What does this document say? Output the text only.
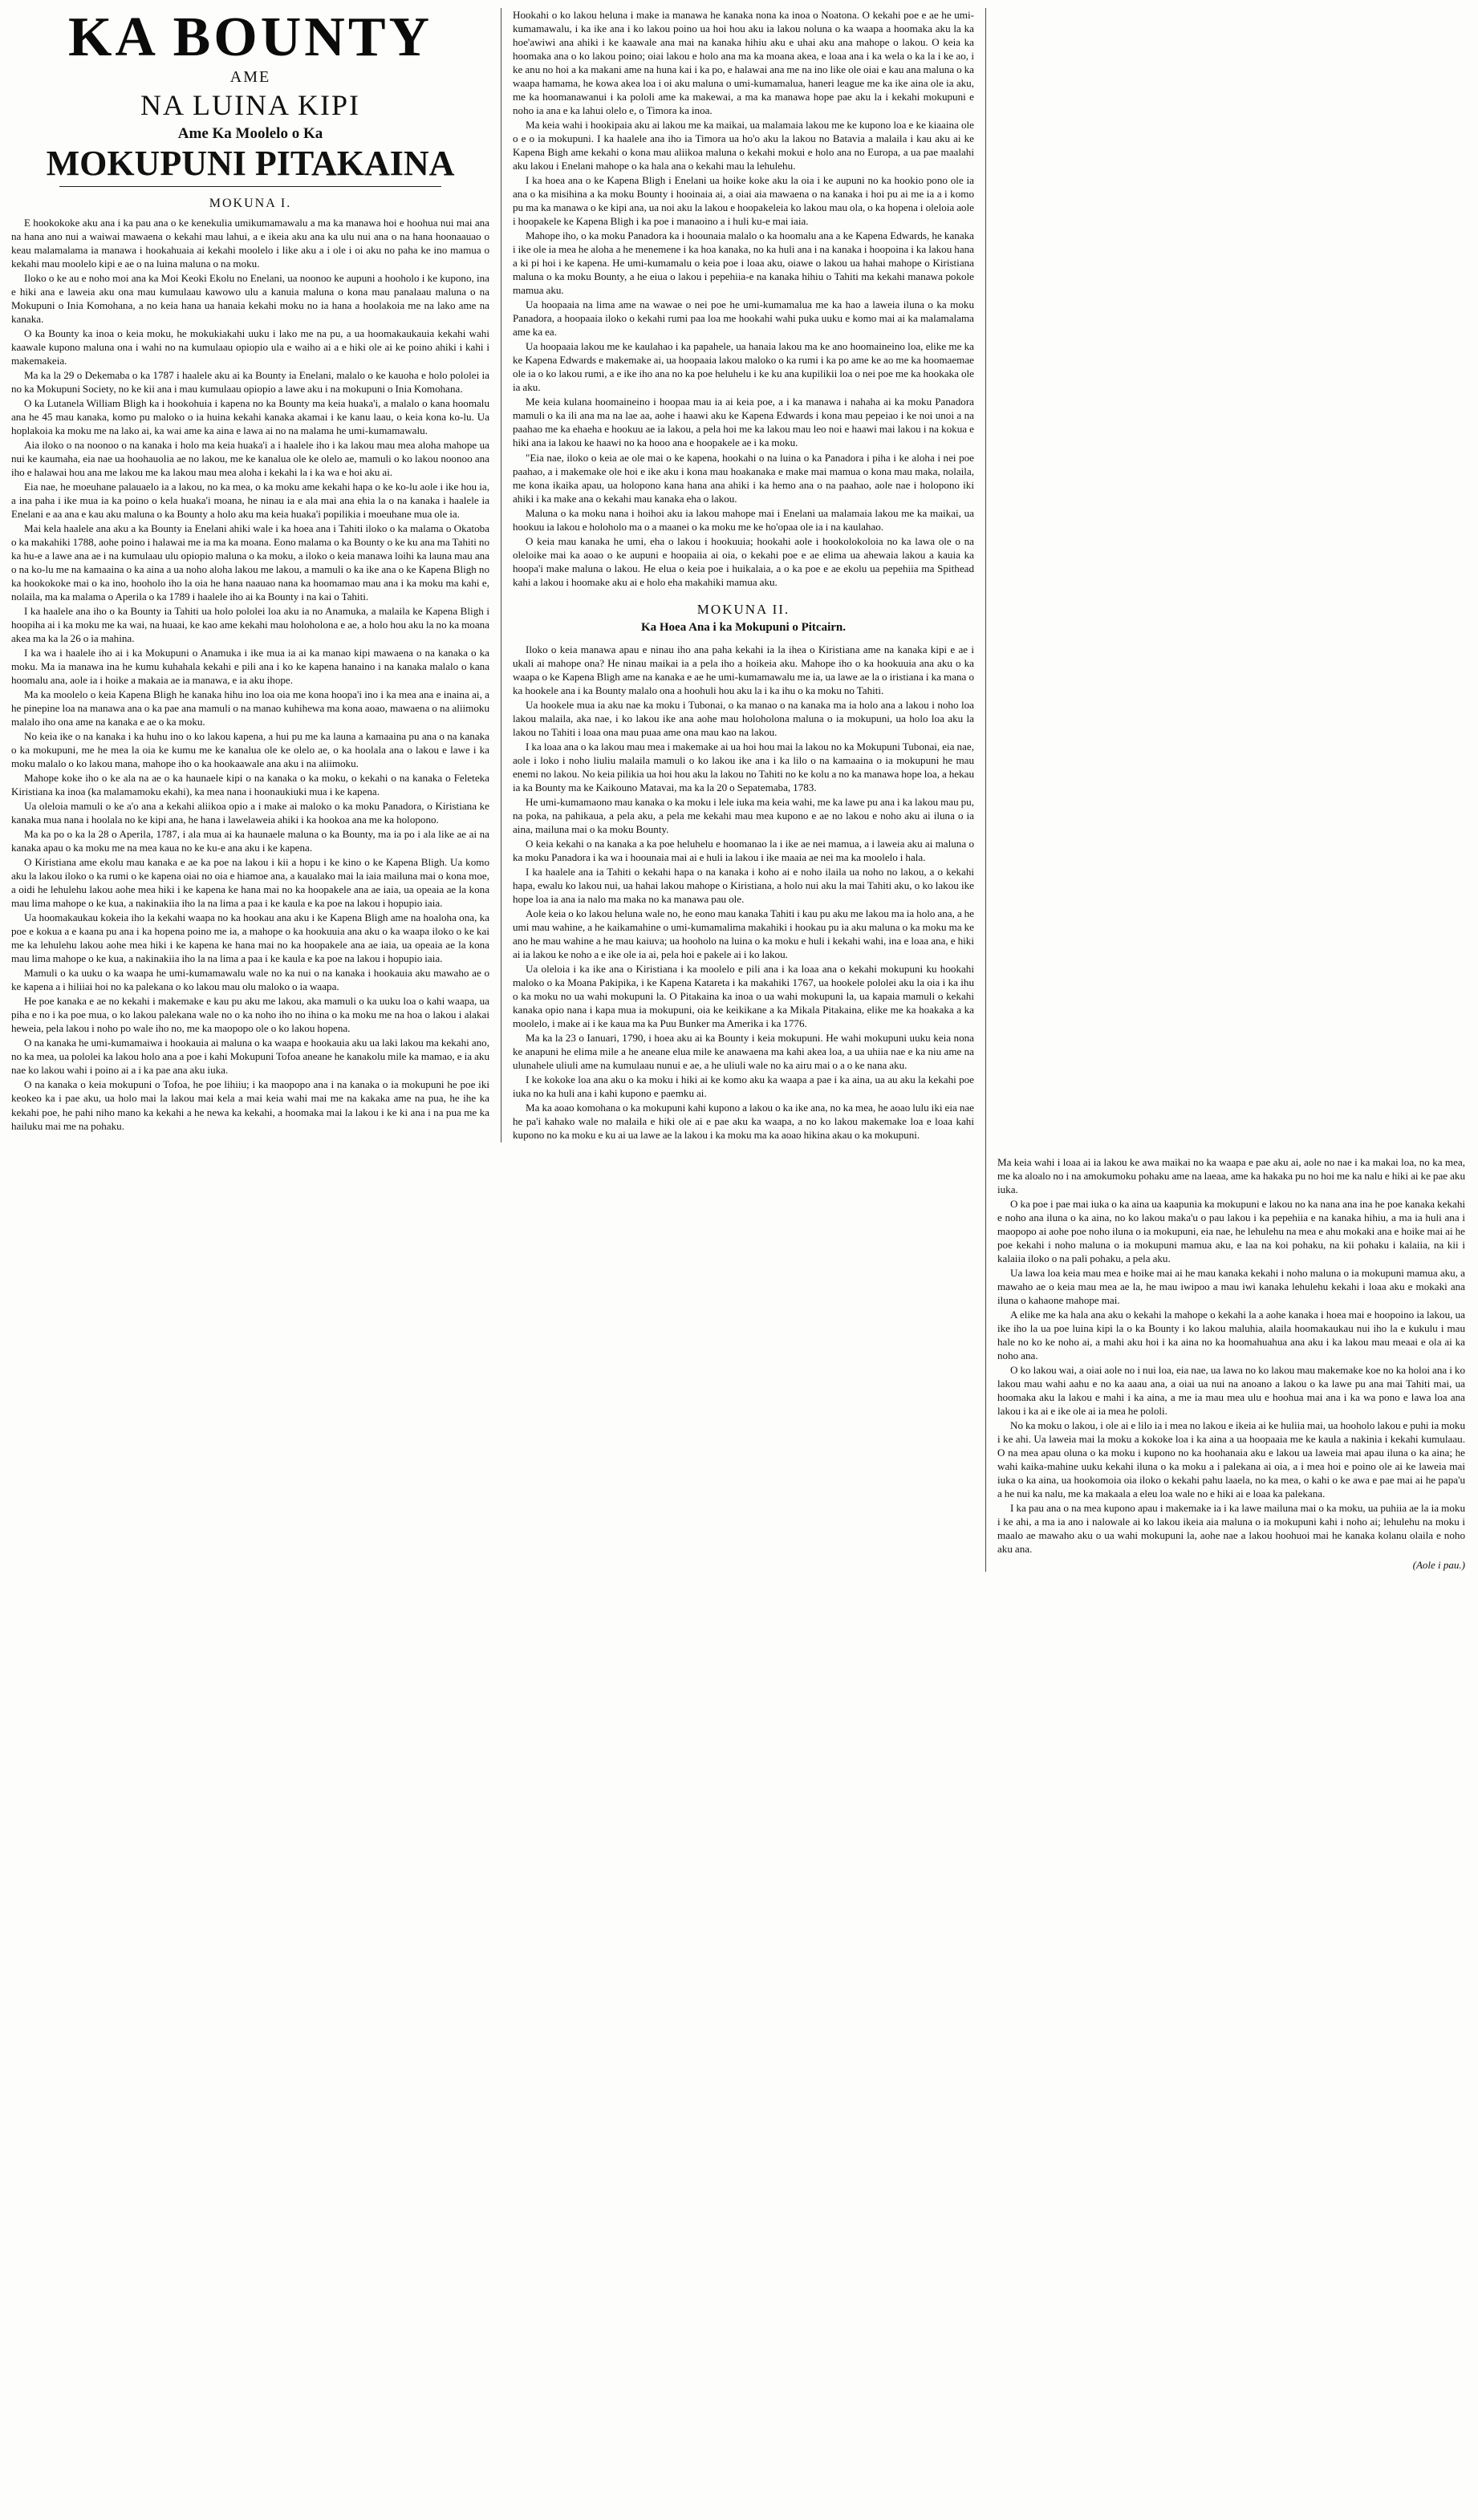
KA BOUNTY
AME
NA LUINA KIPI
Ame Ka Moolelo o Ka
MOKUPUNI PITAKAINA
MOKUNA I.

E hookokoke aku ana i ka pau ana o ke kenekulia umikumamawalu a ma ka manawa hoi e hoohua nui mai ana na hana ano nui a waiwai mawaena o kekahi mau lahui, a e ikeia aku ana ka ulu nui ana o na hana hoonaauao o keau malamalama ia manawa i hookahuaia ai kekahi moolelo i like aku a i ole i oi aku no paha ke ino mamua o kekahi mau moolelo kipi e ae o na luina maluna o na moku.

Iloko o ke au e noho moi ana ka Moi Keoki Ekolu no Enelani, ua noonoo ke aupuni a hooholo i ke kupono, ina e hiki ana e laweia aku ona mau kumulaau kawowo ulu a kanuia maluna o kona mau panalaau maluna o na Mokupuni o Inia Komohana, a no keia hana ua hanaia kekahi moku no ia hana a hoolakoia me na lako ame na kanaka.

O ka Bounty ka inoa o keia moku, he mokukiakahi uuku i lako me na pu, a ua hoomakaukauia kekahi wahi kaawale kupono maluna ona i wahi no na kumulaau opiopio ula e waiho ai a e hiki ole ai ke poino ahiki i kahi i makemakeia.

Ma ka la 29 o Dekemaba o ka 1787 i haalele aku ai ka Bounty ia Enelani, malalo o ke kauoha e holo pololei ia no ka Mokupuni Society, no ke kii ana i mau kumulaau opiopio a lawe aku i na mokupuni o Inia Komohana.

O ka Lutanela William Bligh ka i hookohuia i kapena no ka Bounty ma keia huaka'i, a malalo o kana hoomalu ana he 45 mau kanaka, komo pu maloko o ia huina kekahi kanaka akamai i ke kanu laau, o keia kona ko-lu. Ua hoplakoia ka moku me na lako ai, ka wai ame ka aina e lawa ai no na malama he umi-kumamawalu.

Aia iloko o na noonoo o na kanaka i holo ma keia huaka'i a i haalele iho i ka lakou mau mea aloha mahope ua nui ke kaumaha, eia nae ua hoohauolia ae no lakou, me ke kanalua ole ke olelo ae, mamuli o ko lakou noonoo ana iho e halawai hou ana me lakou me ka lakou mau mea aloha i kekahi la i ka wa e hoi aku ai.

Eia nae, he moeuhane palauaelo ia a lakou, no ka mea, o ka moku ame kekahi hapa o ke ko-lu aole i ike hou ia, a ina paha i ike mua ia ka poino o kela huaka'i moana, he ninau ia e ala mai ana ehia la o na kanaka i haalele ia Enelani e aa ana e kau aku maluna o ka Bounty a holo aku ma keia huaka'i popilikia i moeuhane mua ole ia.

Mai kela haalele ana aku a ka Bounty ia Enelani ahiki wale i ka hoea ana i Tahiti iloko o ka malama o Okatoba o ka makahiki 1788, aohe poino i halawai me ia ma ka moana. Eono malama o ka Bounty o ke ku ana ma Tahiti no ka hu-e a lawe ana ae i na kumulaau ulu opiopio maluna o ka moku, a iloko o keia manawa loihi ka launa mau ana o na ko-lu me na kamaaina o ka aina a ua noho aloha lakou me lakou, a mamuli o ka ike ana o ke Kapena Bligh no ka hookokoke mai o ka ino, hooholo iho la oia he hana naauao nana ka hoomamao mau ana i ka moku ma kahi e, nolaila, ma ka malama o Aperila o ka 1789 i haalele iho ai ka Bounty i na kai o Tahiti.

I ka haalele ana iho o ka Bounty ia Tahiti ua holo pololei loa aku ia no Anamuka, a malaila ke Kapena Bligh i hoopiha ai i ka moku me ka wai, na huaai, ke kao ame kekahi mau holoholona e ae, a holo hou aku la no ka moana akea ma ka la 26 o ia mahina.

I ka wa i haalele iho ai i ka Mokupuni o Anamuka i ike mua ia ai ka manao kipi mawaena o na kanaka o ka moku. Ma ia manawa ina he kumu kuhahala kekahi e pili ana i ko ke kapena hanaino i na kanaka malalo o kana hoomalu ana, aole ia i hoike a makaia ae ia manawa, e ia aku ihope.

Ma ka moolelo o keia Kapena Bligh he kanaka hihu ino loa oia me kona hoopa'i ino i ka mea ana e inaina ai, a he pinepine loa na manawa ana o ka pae ana mamuli o na manao kuhihewa ma kona aoao, mawaena o na aliimoku malalo iho ona ame na kanaka e ae o ka moku.

No keia ike o na kanaka i ka huhu ino o ko lakou kapena, a hui pu me ka launa a kamaaina pu ana o na kanaka o ka mokupuni, me he mea la oia ke kumu me ke kanalua ole ke olelo ae, o ka hoolala ana o lakou e lawe i ka moku malalo o ko lakou mana, mahope iho o ka hookaawale ana aku i na aliimoku.

Mahope koke iho o ke ala na ae o ka haunaele kipi o na kanaka o ka moku, o kekahi o na kanaka o Feleteka Kiristiana ka inoa (ka malamamoku ekahi), ka mea nana i hoonaukiuki mua i ke kapena.

Ua oleloia mamuli o ke a'o ana a kekahi aliikoa opio a i make ai maloko o ka moku Panadora, o Kiristiana ke kanaka mua nana i hoolala no ke kipi ana, he hana i lawelaweia ahiki i ka hookoa ana me ka holopono.

Ma ka po o ka la 28 o Aperila, 1787, i ala mua ai ka haunaele maluna o ka Bounty, ma ia po i ala like ae ai na kanaka apau o ka moku me na mea kaua no ke ku-e ana aku i ke kapena.

O Kiristiana ame ekolu mau kanaka e ae ka poe na lakou i kii a hopu i ke kino o ke Kapena Bligh. Ua komo aku la lakou iloko o ka rumi o ke kapena oiai no oia e hiamoe ana, a kaualako mai la iaia mailuna mai o kona moe, a oidi he lehulehu lakou aohe mea hiki i ke kapena ke hana mai no ka hoopakele ana ae iaia, ua opeaia ae la kona mau lima mahope o ke kua, a nakinakiia iho la na lima a paa i ke kaula e ka poe na lakou i hopupio iaia.

Ua hoomakaukau kokeia iho la kekahi waapa no ka hookau ana aku i ke Kapena Bligh ame na hoaloha ona, ka poe e kokua a e kaana pu ana i ka hopena poino me ia, a mahope o ka hookuuia ana aku o ka waapa iloko o ke kai me ka lehulehu lakou aohe mea hiki i ke kapena ke hana mai no ka hoopakele ana ae iaia, ua opeaia ae la kona mau lima mahope o ke kua, a nakinakiia iho la na lima a paa i ke kaula e ka poe na lakou i hopupio iaia.

Mamuli o ka uuku o ka waapa he umi-kumamawalu wale no ka nui o na kanaka i hookauia aku mawaho ae o ke kapena a i hiliiai hoi no ka palekana o ko lakou mau olu maloko o ia waapa.

He poe kanaka e ae no kekahi i makemake e kau pu aku me lakou, aka mamuli o ka uuku loa o kahi waapa, ua piha e no i ka poe mua, o ko lakou palekana wale no o ka noho iho no ihina o ka moku me na hoa o lakou i alakai heweia, pela lakou i noho po wale iho no, me ka maopopo ole o ko lakou hopena.

O na kanaka he umi-kumamaiwa i hookauia ai maluna o ka waapa e hookauia aku ua laki lakou ma kekahi ano, no ka mea, ua pololei ka lakou holo ana a poe i kahi Mokupuni Tofoa aneane he kanakolu mile ka mamao, e ia aku nae ko lakou wahi i poino ai a i ka pae ana aku iuka.

O na kanaka o keia mokupuni o Tofoa, he poe lihiiu; i ka maopopo ana i na kanaka o ia mokupuni he poe iki keokeo ka i pae aku, ua holo mai la lakou mai kela a mai keia wahi mai me na kakaka ame na pua, he ihe ka kekahi poe, he pahi niho mano ka kekahi a he newa ka kekahi, a hoomaka mai la lakou i ke ki ana i na pua me ka hailuku mai me na pohaku.

Hookahi o ko lakou heluna i make ia manawa he kanaka nona ka inoa o Noatona. O kekahi poe e ae he umi-kumamawalu, i ka ike ana i ko lakou poino ua hoi hou aku ia lakou noluna o ka waapa a hoomaka aku la ka hoe'awiwi ana ahiki i ke kaawale ana mai na kanaka hihiu aku e uhai aku ana mahope o lakou. O keia ka hoomaka ana o ko lakou poino; oiai lakou e holo ana ma ka moana akea, e loaa ana i ka wela o ka la i ke ao, i ke anu no hoi a ka makani ame na huna kai i ka po, e halawai ana me na ino like ole oiai e kau ana maluna o ka waapa hamama, he kowa akea loa i oi aku maluna o umi-kumamalua, haneri league me ka ike aina ole ia aku, me ka hoomanawanui i ka pololi ame ka makewai, a ma ka manawa hope pae aku la i kekahi mokupuni e noho ia ana e ka lahui olelo e, o Timora ka inoa.

Ma keia wahi i hookipaia aku ai lakou me ka maikai, ua malamaia lakou me ke kupono loa e ke kiaaina ole o e o ia mokupuni. I ka haalele ana iho ia Timora ua ho'o aku la lakou no Batavia a malaila i kau aku ai ke Kapena Bigh ame kekahi o kona mau aliikoa maluna o kekahi mokui e holo ana no Europa, a ua pae maalahi aku lakou i Enelani mahope o ka hala ana o kekahi mau la lehulehu.

I ka hoea ana o ke Kapena Bligh i Enelani ua hoike koke aku la oia i ke aupuni no ka hookio pono ole ia ana o ka misihina a ka moku Bounty i hooinaia ai, a oiai aia mawaena o na kanaka i hoi pu ai me ia a i komo pu ma ka manawa o ke kipi ana, ua noi aku la lakou e hoopakeleia ko lakou mau ola, o ka hopena i oleloia aole i hoopakele ke Kapena Bligh i ka poe i manaoino a i huli ku-e mai iaia.

Mahope iho, o ka moku Panadora ka i hoounaia malalo o ka hoomalu ana a ke Kapena Edwards, he kanaka i ike ole ia mea he aloha a he menemene i ka hoa kanaka, no ka huli ana i na kanaka i hoopoina i ka lakou hana a ki pi hoi i ke kapena. He umi-kumamalu o keia poe i loaa aku, oiawe o lakou ua hahai mahope o Kiristiana maluna o ka moku Bounty, a he eiua o lakou i pepehiia-e na kanaka hihiu o Tahiti ma kekahi manawa pokole mamua aku.

Ua hoopaaia na lima ame na wawae o nei poe he umi-kumamalua me ka hao a laweia iluna o ka moku Panadora, a hoopaaia iloko o kekahi rumi paa loa me hookahi wahi puka uuku e komo mai ai ka malamalama ame ka ea.

Ua hoopaaia lakou me ke kaulahao i ka papahele, ua hanaia lakou ma ke ano hoomaineino loa, elike me ka ke Kapena Edwards e makemake ai, ua hoopaaia lakou maloko o ka rumi i ka po ame ke ao me ka hoomaemae ole ia o ko lakou rumi, a e ike iho ana no ka poe heluhelu i ke ku ana kupilikii loa o nei poe me ka hookaka ole ia aku.

Me keia kulana hoomaineino i hoopaa mau ia ai keia poe, a i ka manawa i nahaha ai ka moku Panadora mamuli o ka ili ana ma na lae aa, aohe i haawi aku ke Kapena Edwards i kona mau pepeiao i ke noi unoi a na paahao me ka ehaeha e hookuu ae ia lakou, a pela hoi me ka lakou mau leo noi e haawi mai lakou i na kokua e hiki ana ia lakou ke haawi no ka hooo ana e hoopakele ae i ka moku.

"Eia nae, iloko o keia ae ole mai o ke kapena, hookahi o na luina o ka Panadora i piha i ke aloha i nei poe paahao, a i makemake ole hoi e ike aku i kona mau hoakanaka e make mai mamua o kona mau maka, nolaila, me kona ikaika apau, ua holopono kana hana ana ahiki i ka hemo ana o na paahao, aole nae i holopono iki ahiki i ka make ana o kekahi mau kanaka eha o lakou.

Maluna o ka moku nana i hoihoi aku ia lakou mahope mai i Enelani ua malamaia lakou me ka maikai, ua hookuu ia lakou e holoholo ma o a maanei o ka moku me ke ho'opaa ole ia i na kaulahao.

O keia mau kanaka he umi, eha o lakou i hookuuia; hookahi aole i hookolokoloia no ka lawa ole o na oleloike mai ka aoao o ke aupuni e hoopaiia ai oia, o kekahi poe e ae elima ua ahewaia lakou a kauia ka hoopa'i make maluna o lakou. He elua o keia poe i huikalaia, a o ka poe e ae ekolu ua pepehiia ma Spithead kahi a lakou i hoomake aku ai e holo eha makahiki mamua aku.

MOKUNA II.
Ka Hoea Ana i ka Mokupuni o Pitcairn.

Iloko o keia manawa apau e ninau iho ana paha kekahi ia la ihea o Kiristiana ame na kanaka kipi e ae i ukali ai mahope ona? He ninau maikai ia a pela iho a hoikeia aku. Mahope iho o ka hookuuia ana aku o ka waapa o ke Kapena Bligh ame na kanaka e ae he umi-kumamawalu me ia, ua lawe ae la o iristiana i ka mana o ka hookele ana i ka Bounty malalo ona a hoohuli hou aku la i ka ihu o ka moku no Tahiti.

Ua hookele mua ia aku nae ka moku i Tubonai, o ka manao o na kanaka ma ia holo ana a lakou i noho loa lakou malaila, aka nae, i ko lakou ike ana aohe mau holoholona maluna o ia mokupuni, ua holo loa aku la lakou no Tahiti i loaa ona mau puaa ame ona mau kao na lakou.

I ka loaa ana o ka lakou mau mea i makemake ai ua hoi hou mai la lakou no ka Mokupuni Tubonai, eia nae, aole i loko i noho liuliu malaila mamuli o ko lakou ike ana i ka lilo o na kamaaina o ia mokupuni he mau enemi no lakou. No keia pilikia ua hoi hou aku la lakou no Tahiti no ke kolu a no ka manawa hope loa, a hekau ia ka Bounty ma ke Kaikouno Matavai, ma ka la 20 o Sepatemaba, 1783.

He umi-kumamaono mau kanaka o ka moku i lele iuka ma keia wahi, me ka lawe pu ana i ka lakou mau pu, na poka, na pahikaua, a pela aku, a pela me kekahi mau mea kupono e ae no lakou e noho aku ai iluna o ia aina, mailuna mai o ka moku Bounty.

O keia kekahi o na kanaka a ka poe heluhelu e hoomanao la i ike ae nei mamua, a i laweia aku ai maluna o ka moku Panadora i ka wa i hoounaia mai ai e huli ia lakou i ike maaia ae nei ma ka moolelo i hala.

I ka haalele ana ia Tahiti o kekahi hapa o na kanaka i koho ai e noho ilaila ua noho no lakou, a o kekahi hapa, ewalu ko lakou nui, ua hahai lakou mahope o Kiristiana, a holo nui aku la mai Tahiti aku, o ko lakou ike hope loa ia ana ia nalo ma maka no ka manawa pau ole.

Aole keia o ko lakou heluna wale no, he eono mau kanaka Tahiti i kau pu aku me lakou ma ia holo ana, a he umi mau wahine, a he kaikamahine o umi-kumamalima makahiki i hookau pu ia aku maluna o ka moku ma ke ano he mau wahine a he mau kaiuva; ua hooholo na luina o ka moku e huli i kekahi wahi, ina e loaa ana, e hiki ai ia lakou ke noho a e ike ole ia ai, pela hoi e pakele ai i ko lakou.

Ua oleloia i ka ike ana o Kiristiana i ka moolelo e pili ana i ka loaa ana o kekahi mokupuni ku hookahi maloko o ka Moana Pakipika, i ke Kapena Katareta i ka makahiki 1767, ua hookele pololei aku la oia i ka ihu o ka moku no ua wahi mokupuni la. O Pitakaina ka inoa o ua wahi mokupuni la, ua kapaia mamuli o kekahi kanaka opio nana i kapa mua ia mokupuni, oia ke keikikane a ka Mikala Pitakaina, elike me ka hoakaka a ka moolelo, i make ai i ke kaua ma ka Puu Bunker ma Amerika i ka 1776.

Ma ka la 23 o Ianuari, 1790, i hoea aku ai ka Bounty i keia mokupuni. He wahi mokupuni uuku keia nona ke anapuni he elima mile a he aneane elua mile ke anawaena ma kahi akea loa, a ua uhiia nae e ka niu ame na ulunahele uliuli ame na kumulaau nunui e ae, a he uliuli wale no ka airu mai o a o ke nana aku.

I ke kokoke loa ana aku o ka moku i hiki ai ke komo aku ka waapa a pae i ka aina, ua au aku la kekahi poe iuka no ka huli ana i kahi kupono e paemku ai.

Ma ka aoao komohana o ka mokupuni kahi kupono a lakou o ka ike ana, no ka mea, he aoao lulu iki eia nae he pa'i kahako wale no malaila e hiki ole ai e pae aku ka waapa, a no ko lakou makemake loa e loaa kahi kupono no ka moku e ku ai ua lawe ae la lakou i ka moku ma ka aoao hikina akau o ka mokupuni.

Ma keia wahi i loaa ai ia lakou ke awa maikai no ka waapa e pae aku ai, aole no nae i ka makai loa, no ka mea, me ka aloalo no i na amokumoku pohaku ame na laeaa, ame ka hakaka pu no hoi me ka nalu e hiki ai ke pae aku iuka.

O ka poe i pae mai iuka o ka aina ua kaapunia ka mokupuni e lakou no ka nana ana ina he poe kanaka kekahi e noho ana iluna o ka aina, no ko lakou maka'u o pau lakou i ka pepehiia e na kanaka hihiu, a ma ia huli ana i maopopo ai aohe poe noho iluna o ia mokupuni, eia nae, he lehulehu na mea e ahu mokaki ana e hoike mai ai he poe kekahi i noho maluna o ia mokupuni mamua aku, e laa na koi pohaku, na kii pohaku i kalaiia, na kii i kalaiia iloko o na pali pohaku, a pela aku.

Ua lawa loa keia mau mea e hoike mai ai he mau kanaka kekahi i noho maluna o ia mokupuni mamua aku, a mawaho ae o keia mau mea ae la, he mau iwipoo a mau iwi kanaka lehulehu kekahi i loaa aku e mokaki ana iluna o kahaone mahope mai.

A elike me ka hala ana aku o kekahi la mahope o kekahi la a aohe kanaka i hoea mai e hoopoino ia lakou, ua ike iho la ua poe luina kipi la o ka Bounty i ko lakou maluhia, alaila hoomakaukau nui iho la e kukulu i mau hale no ko ke noho ai, a mahi aku hoi i ka aina no ka hoomahuahua ana aku i ka lakou mau meaai e ola ai ka noho ana.

O ko lakou wai, a oiai aole no i nui loa, eia nae, ua lawa no ko lakou mau makemake koe no ka holoi ana i ko lakou mau wahi aahu e no ka aaau ana, a oiai ua nui na anoano a lakou o ka lawe pu ana mai Tahiti mai, ua hoomaka aku la lakou e mahi i ka aina, a me ia mau mea ulu e hoohua mai ana i ka wa pono e lawa loa ana lakou i ka ai e ike ole ai ia mea he pololi.

No ka moku o lakou, i ole ai e lilo ia i mea no lakou e ikeia ai ke huliia mai, ua hooholo lakou e puhi ia moku i ke ahi. Ua laweia mai la moku a kokoke loa i ka aina a ua hoopaaia me ke kaula a nakinia i kekahi kumulaau. O na mea apau oluna o ka moku i kupono no ka hoohanaia aku e lakou ua laweia mai apau iluna o ka aina; he wahi kaika-mahine uuku kekahi iluna o ka moku a i palekana ai oia, a i mea hoi e poino ole ai ke laweia mai iuka o ka aina, ua hookomoia oia iloko o kekahi pahu laaela, no ka mea, o kahi o ke awa e pae mai ai he papa'u a he nui ka nalu, me ka makaala a eleu loa wale no e hiki ai e loaa ka palekana.

I ka pau ana o na mea kupono apau i makemake ia i ka lawe mailuna mai o ka moku, ua puhiia ae la ia moku i ke ahi, a ma ia ano i nalowale ai ko lakou ikeia aia maluna o ia mokupuni kahi i noho ai; lehulehu na moku i maalo ae mawaho aku o ua wahi mokupuni la, aohe nae a lakou hoohuoi mai he kanaka kolanu olaila e noho aku ana.

(Aole i pau.)
